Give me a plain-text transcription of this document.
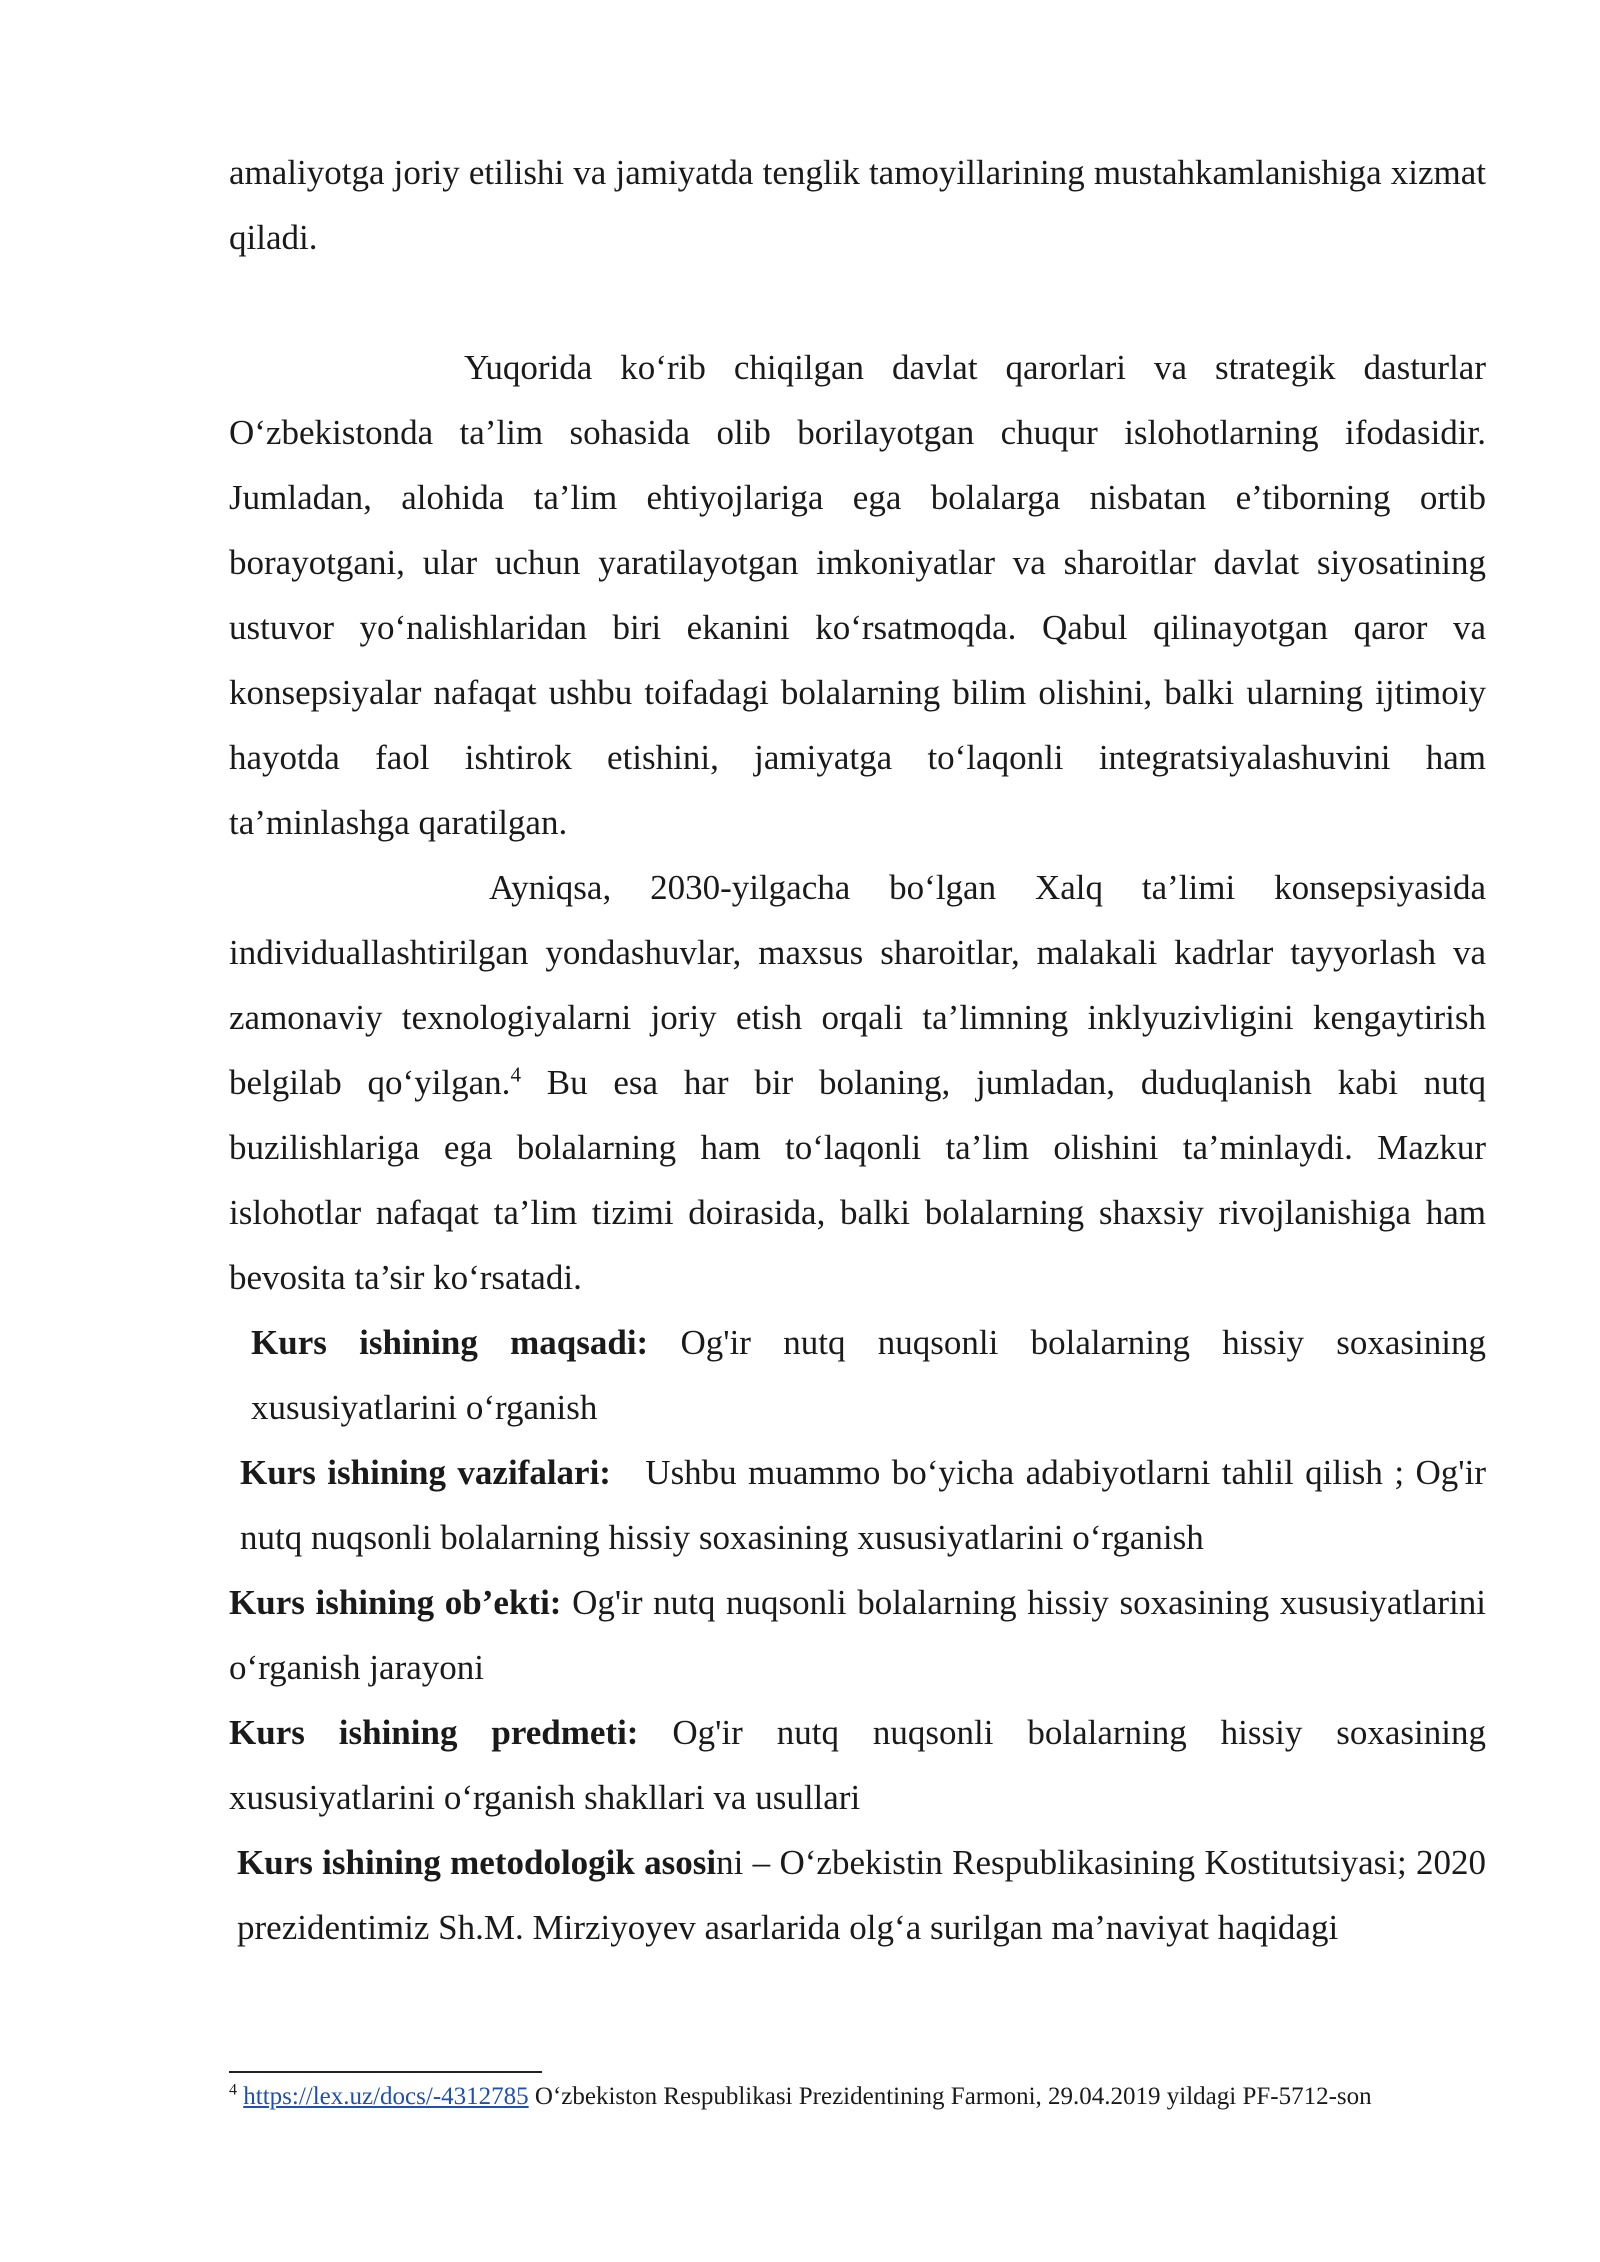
amaliyotga joriy etilishi va jamiyatda tenglik tamoyillarining mustahkamlanishiga xizmat qiladi.

Yuqorida ko‘rib chiqilgan davlat qarorlari va strategik dasturlar O‘zbekistonda ta’lim sohasida olib borilayotgan chuqur islohotlarning ifodasidir. Jumladan, alohida ta’lim ehtiyojlariga ega bolalarga nisbatan e’tiborning ortib borayotgani, ular uchun yaratilayotgan imkoniyatlar va sharoitlar davlat siyosatining ustuvor yo‘nalishlaridan biri ekanini ko‘rsatmoqda. Qabul qilinayotgan qaror va konsepsiyalar nafaqat ushbu toifadagi bolalarning bilim olishini, balki ularning ijtimoiy hayotda faol ishtirok etishini, jamiyatga to‘laqonli integratsiyalashuvini ham ta’minlashga qaratilgan.

Ayniqsa, 2030-yilgacha bo‘lgan Xalq ta’limi konsepsiyasida individuallashtirilgan yondashuvlar, maxsus sharoitlar, malakali kadrlar tayyorlash va zamonaviy texnologiyalarni joriy etish orqali ta’limning inklyuzivligini kengaytirish belgilab qo‘yilgan.$^4$ Bu esa har bir bolaning, jumladan, duduqlanish kabi nutq buzilishlariga ega bolalarning ham to‘laqonli ta’lim olishini ta’minlaydi. Mazkur islohotlar nafaqat ta’lim tizimi doirasida, balki bolalarning shaxsiy rivojlanishiga ham bevosita ta’sir ko‘rsatadi.

Kurs ishining maqsadi: Og'ir nutq nuqsonli bolalarning hissiy soxasining xususiyatlarini o‘rganish

Kurs ishining vazifalari:   Ushbu muammo bo‘yicha adabiyotlarni tahlil qilish ; Og'ir nutq nuqsonli bolalarning hissiy soxasining xususiyatlarini o‘rganish

Kurs ishining ob’ekti: Og'ir nutq nuqsonli bolalarning hissiy soxasining xususiyatlarini o‘rganish jarayoni

Kurs ishining predmeti: Og'ir nutq nuqsonli bolalarning hissiy soxasining xususiyatlarini o‘rganish shakllari va usullari

Kurs ishining metodologik asosini – O‘zbekistin Respublikasining Kostitutsiyasi; 2020 prezidentimiz Sh.M. Mirziyoyev asarlarida olg‘a surilgan ma’naviyat haqidagi

$^4$ https://lex.uz/docs/-4312785 O‘zbekiston Respublikasi Prezidentining Farmoni, 29.04.2019 yildagi PF-5712-son
